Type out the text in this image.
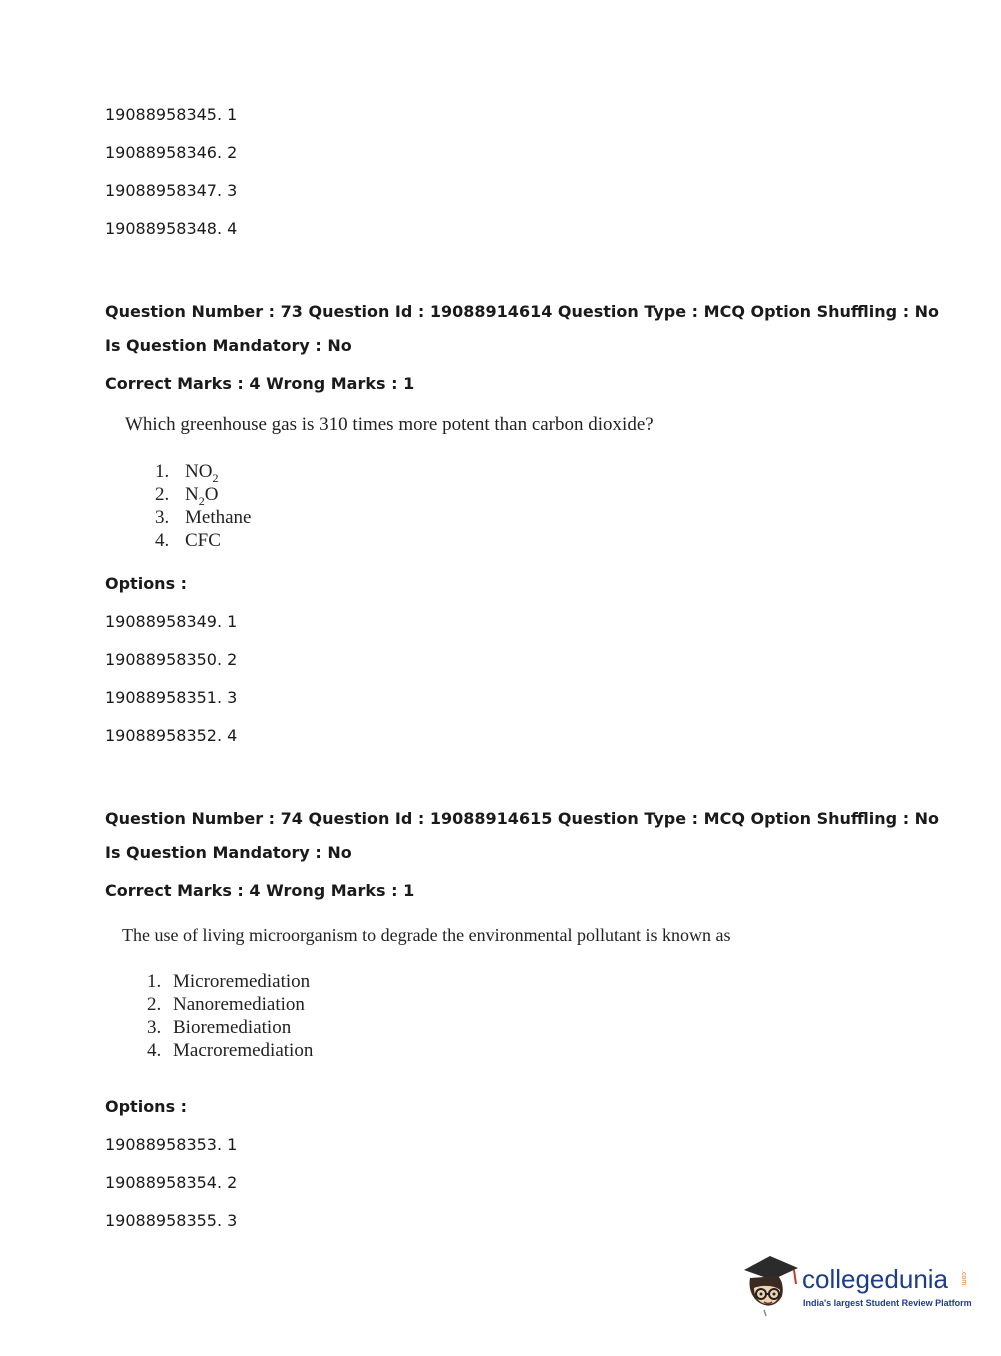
19088958345. 1
19088958346. 2
19088958347. 3
19088958348. 4
Question Number : 73 Question Id : 19088914614 Question Type : MCQ Option Shuffling : No
Is Question Mandatory : No
Correct Marks : 4 Wrong Marks : 1
Which greenhouse gas is 310 times more potent than carbon dioxide?
1. $NO_2$
2. $N_2O$
3. Methane
4. CFC
Options :
19088958349. 1
19088958350. 2
19088958351. 3
19088958352. 4
Question Number : 74 Question Id : 19088914615 Question Type : MCQ Option Shuffling : No
Is Question Mandatory : No
Correct Marks : 4 Wrong Marks : 1
The use of living microorganism to degrade the environmental pollutant is known as
1. Microremediation
2. Nanoremediation
3. Bioremediation
4. Macroremediation
Options :
19088958353. 1
19088958354. 2
19088958355. 3
collegedunia .com
India's largest Student Review Platform
